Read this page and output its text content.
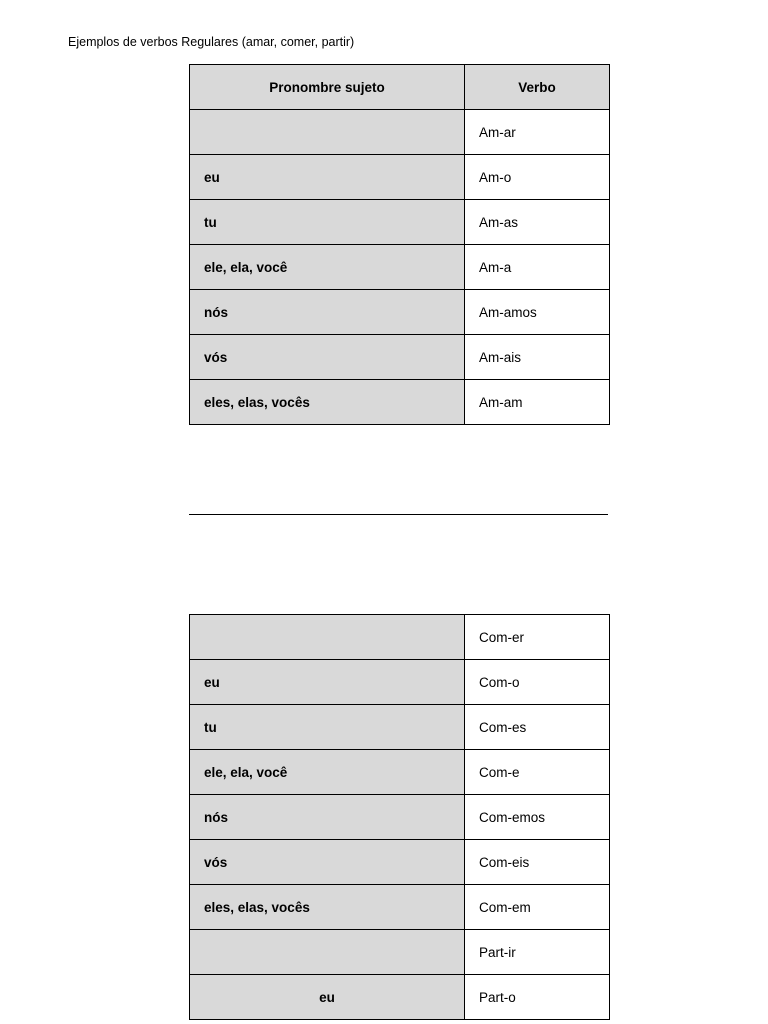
Ejemplos de verbos Regulares (amar, comer, partir)
Pronombre sujeto	Verbo
	Am-ar
eu	Am-o
tu	Am-as
ele, ela, você	Am-a
nós	Am-amos
vós	Am-ais
eles, elas, vocês	Am-am
	Com-er
eu	Com-o
tu	Com-es
ele, ela, você	Com-e
nós	Com-emos
vós	Com-eis
eles, elas, vocês	Com-em
	Part-ir
eu	Part-o
